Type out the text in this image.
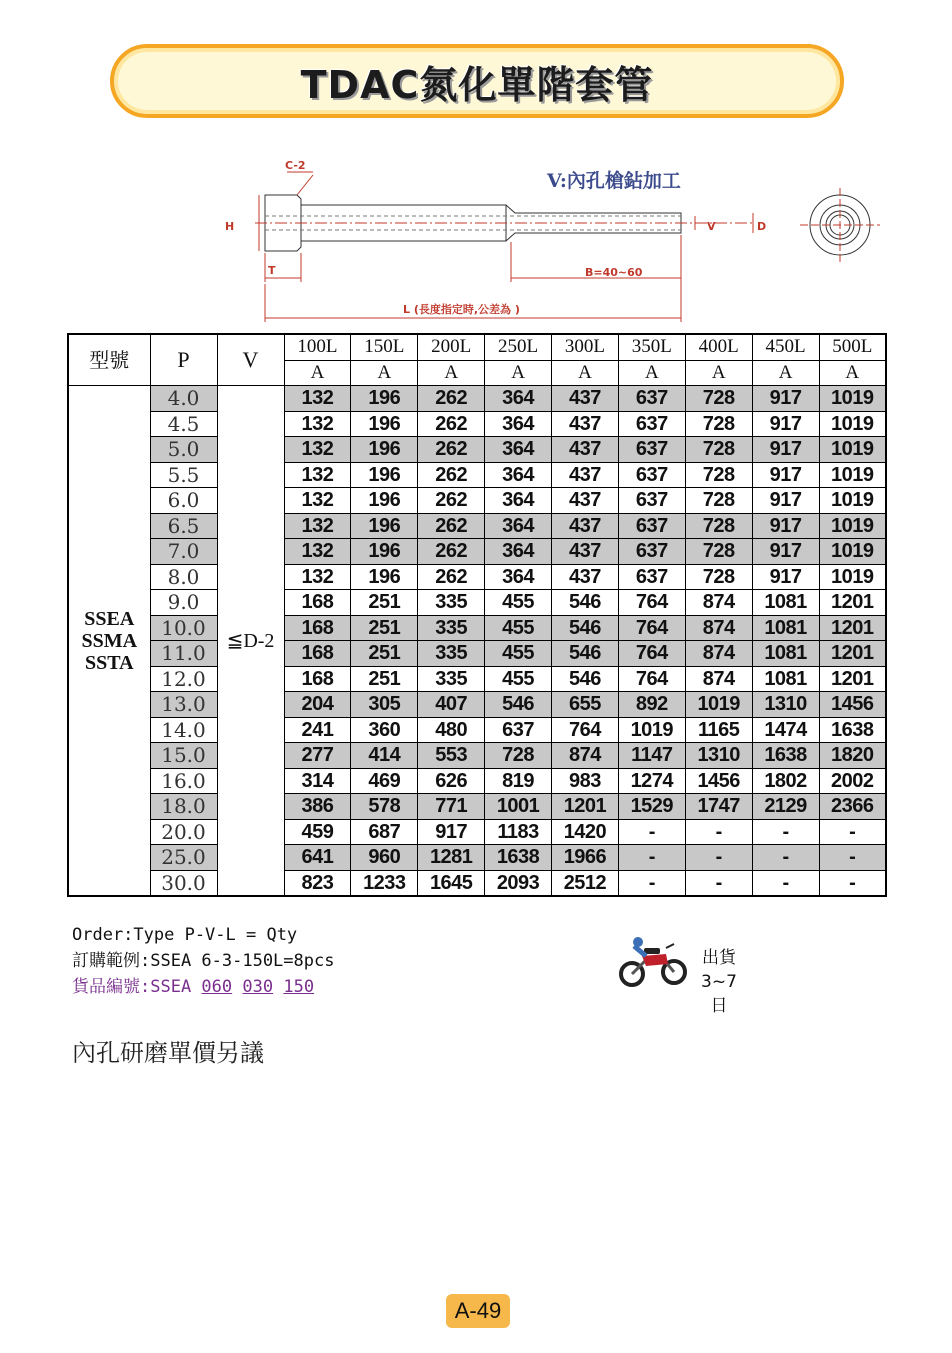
TDAC氮化單階套管
C-2
H
T
V	D
B=40~60
L (長度指定時,公差為 )
V:內孔槍鉆加工
型號	P	V	100L	150L	200L	250L	300L	350L	400L	450L	500L
			A	A	A	A	A	A	A	A	A

SSEA
SSMA
SSTA	4.0	≦D-2	132	196	262	364	437	637	728	917	1019
	4.5		132	196	262	364	437	637	728	917	1019
	5.0		132	196	262	364	437	637	728	917	1019
	5.5		132	196	262	364	437	637	728	917	1019
	6.0		132	196	262	364	437	637	728	917	1019
	6.5		132	196	262	364	437	637	728	917	1019
	7.0		132	196	262	364	437	637	728	917	1019
	8.0		132	196	262	364	437	637	728	917	1019
	9.0		168	251	335	455	546	764	874	1081	1201
	10.0		168	251	335	455	546	764	874	1081	1201
	11.0		168	251	335	455	546	764	874	1081	1201
	12.0		168	251	335	455	546	764	874	1081	1201
	13.0		204	305	407	546	655	892	1019	1310	1456
	14.0		241	360	480	637	764	1019	1165	1474	1638
	15.0		277	414	553	728	874	1147	1310	1638	1820
	16.0		314	469	626	819	983	1274	1456	1802	2002
	18.0		386	578	771	1001	1201	1529	1747	2129	2366
	20.0		459	687	917	1183	1420	-	-	-	-
	25.0		641	960	1281	1638	1966	-	-	-	-
	30.0		823	1233	1645	2093	2512	-	-	-	-
Order:Type P-V-L = Qty
訂購範例:SSEA 6-3-150L=8pcs
貨品編號:SSEA 060 030 150
出貨
3~7日
內孔研磨單價另議
A-49
